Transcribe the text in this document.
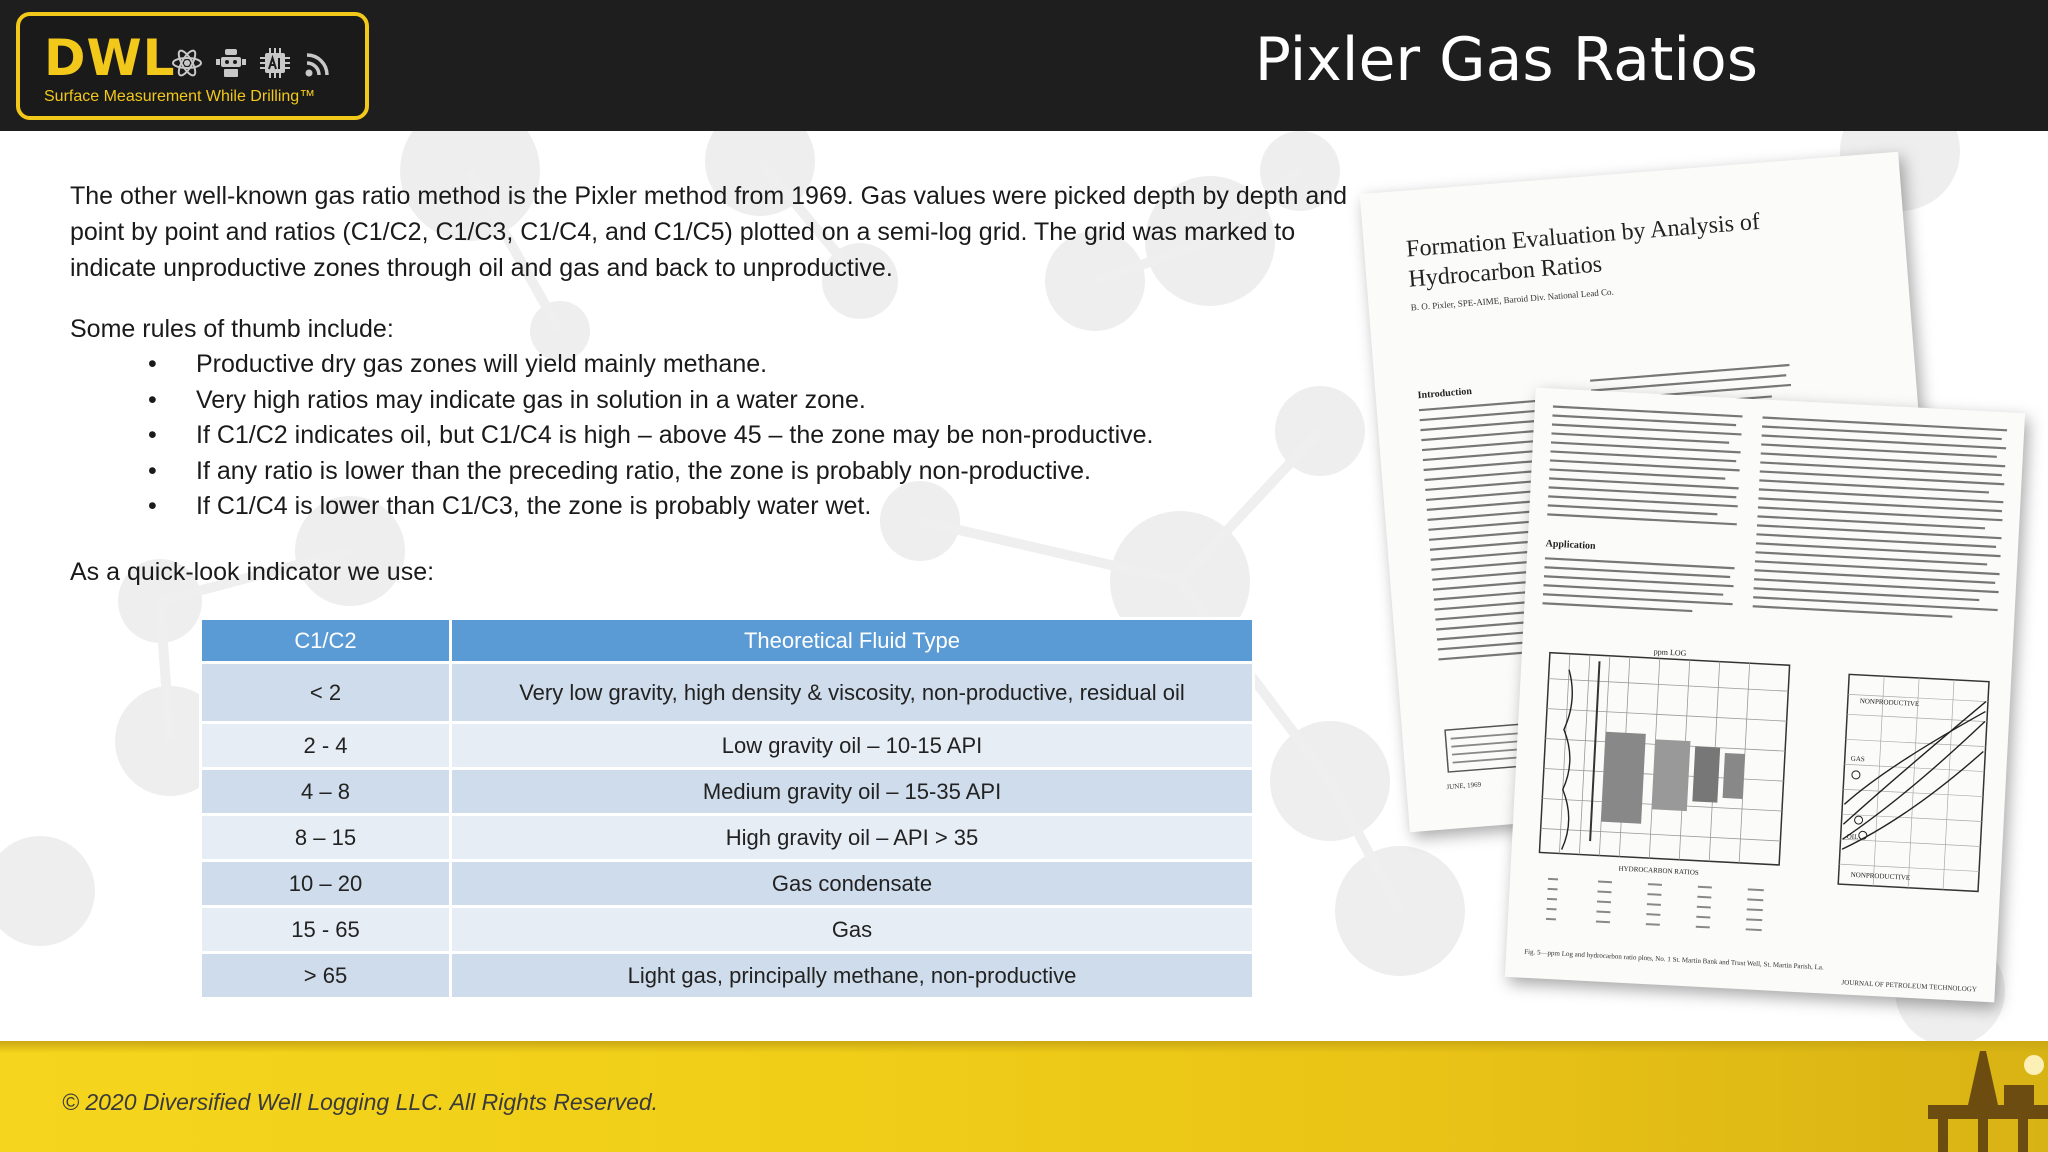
DWL
Surface Measurement While Drilling™
Pixler Gas Ratios

The other well-known gas ratio method is the Pixler method from 1969. Gas values were picked depth by depth and point by point and ratios (C1/C2, C1/C3, C1/C4, and C1/C5) plotted on a semi-log grid. The grid was marked to indicate unproductive zones through oil and gas and back to unproductive.

Some rules of thumb include:

• Productive dry gas zones will yield mainly methane.
• Very high ratios may indicate gas in solution in a water zone.
• If C1/C2 indicates oil, but C1/C4 is high – above 45 – the zone may be non-productive.
• If any ratio is lower than the preceding ratio, the zone is probably non-productive.
• If C1/C4 is lower than C1/C3, the zone is probably water wet.

As a quick-look indicator we use:

C1/C2	Theoretical Fluid Type
< 2	Very low gravity, high density & viscosity, non-productive, residual oil
2 - 4	Low gravity oil – 10-15 API
4 – 8	Medium gravity oil – 15-35 API
8 – 15	High gravity oil – API > 35
10 – 20	Gas condensate
15 - 65	Gas
> 65	Light gas, principally methane, non-productive
Formation Evaluation by Analysis of Hydrocarbon Ratios
B. O. Pixler, SPE-AIME, Baroid Div. National Lead Co.
Introduction
JUNE, 1969
Application
ppm LOG
HYDROCARBON RATIOS
NONPRODUCTIVE
GAS
OIL
NONPRODUCTIVE
Fig. 5—ppm Log and hydrocarbon ratio plots, No. 1 St. Martin Bank and Trust Well, St. Martin Parish, La.
JOURNAL OF PETROLEUM TECHNOLOGY
© 2020 Diversified Well Logging LLC. All Rights Reserved.
